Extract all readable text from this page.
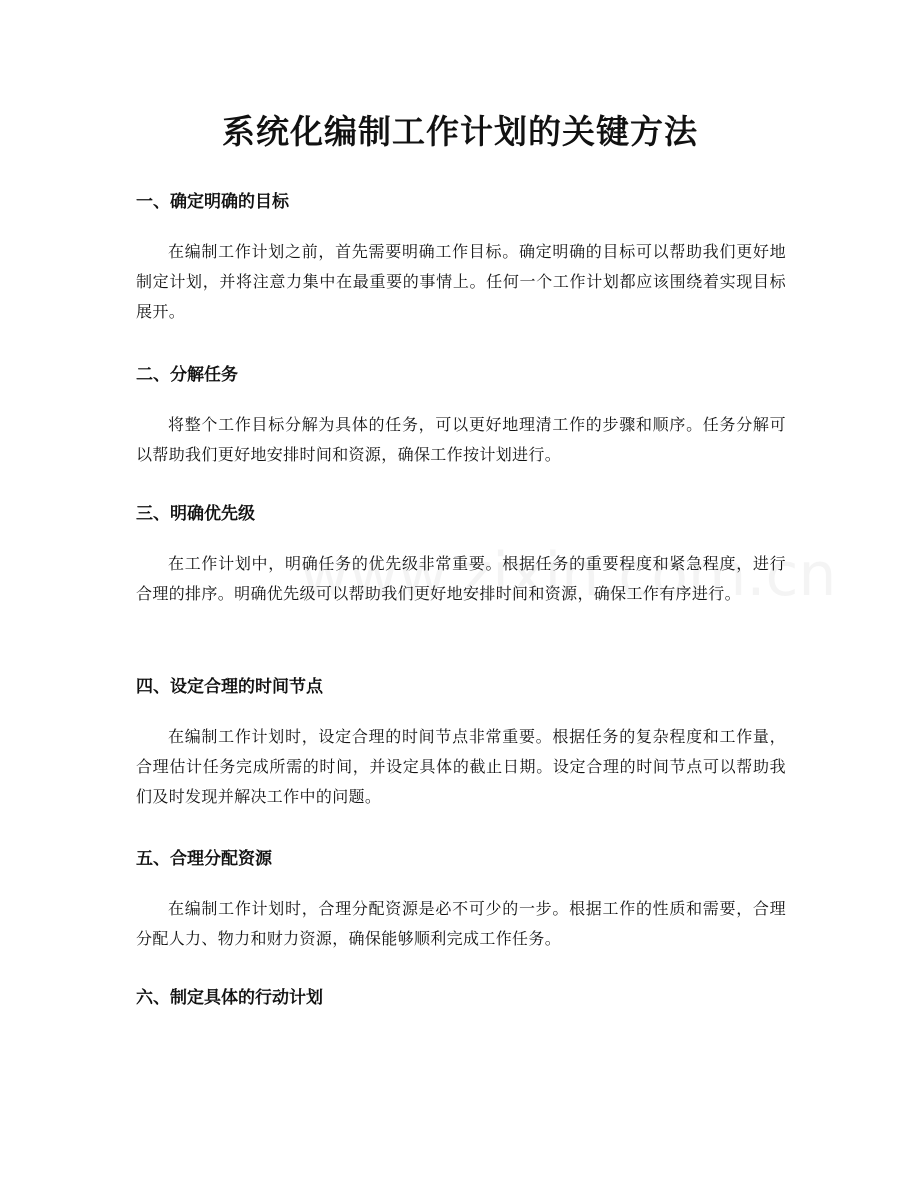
系统化编制工作计划的关键方法
一、确定明确的目标

在编制工作计划之前，首先需要明确工作目标。确定明确的目标可以帮助我们更好地制定计划，并将注意力集中在最重要的事情上。任何一个工作计划都应该围绕着实现目标展开。

二、分解任务

将整个工作目标分解为具体的任务，可以更好地理清工作的步骤和顺序。任务分解可以帮助我们更好地安排时间和资源，确保工作按计划进行。

三、明确优先级

在工作计划中，明确任务的优先级非常重要。根据任务的重要程度和紧急程度，进行合理的排序。明确优先级可以帮助我们更好地安排时间和资源，确保工作有序进行。

四、设定合理的时间节点

在编制工作计划时，设定合理的时间节点非常重要。根据任务的复杂程度和工作量，合理估计任务完成所需的时间，并设定具体的截止日期。设定合理的时间节点可以帮助我们及时发现并解决工作中的问题。

五、合理分配资源

在编制工作计划时，合理分配资源是必不可少的一步。根据工作的性质和需要，合理分配人力、物力和财力资源，确保能够顺利完成工作任务。

六、制定具体的行动计划
